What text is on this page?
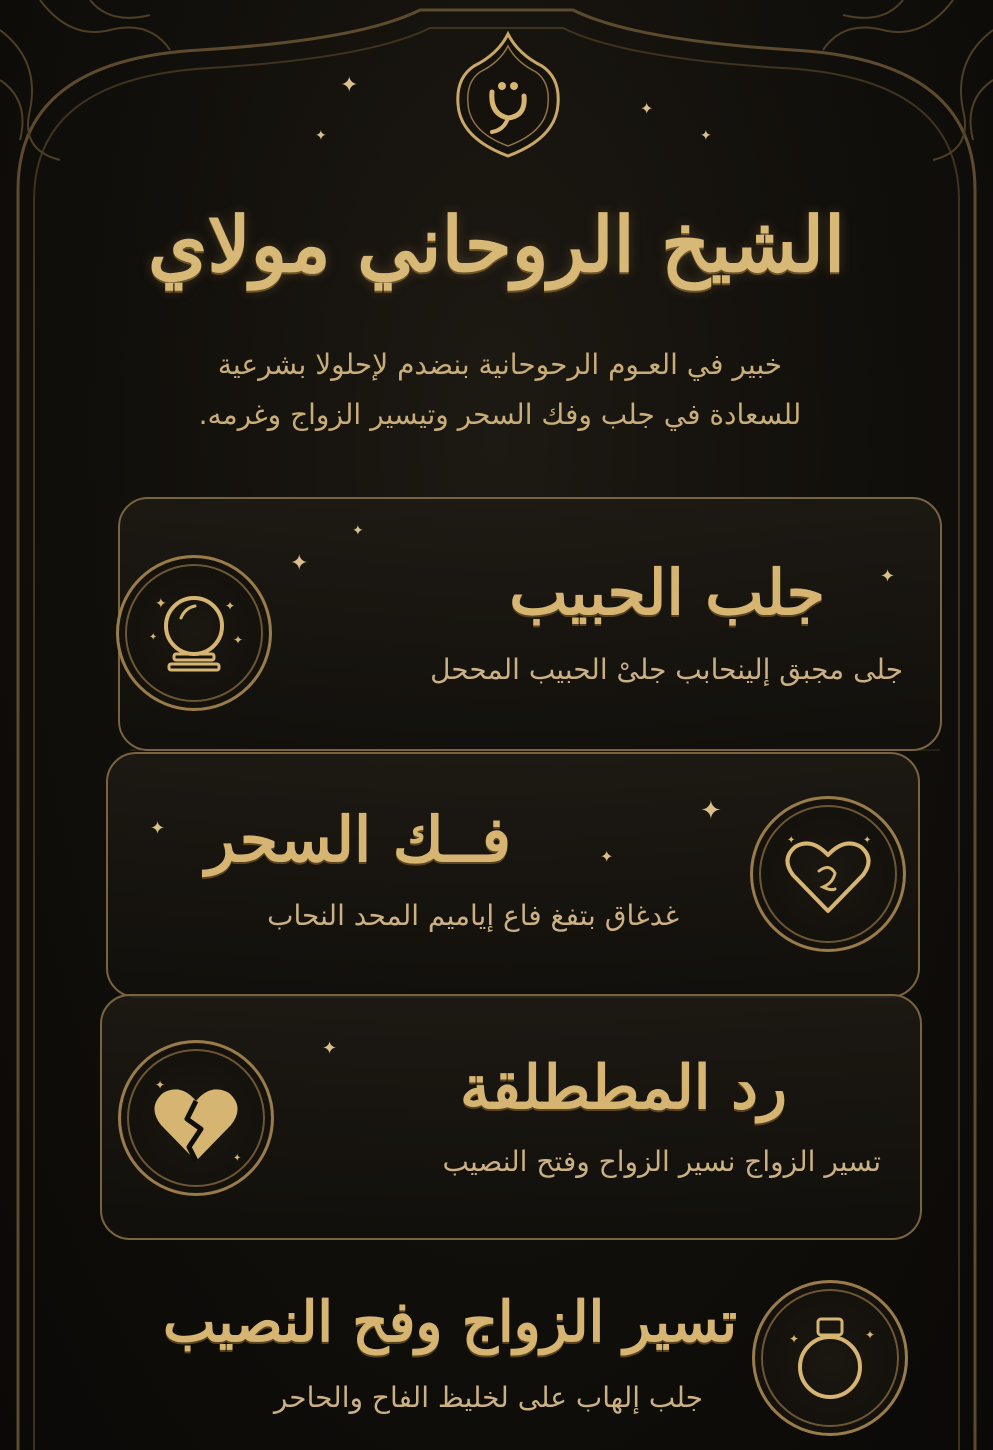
✦
✦
✦	✦
الشيخ الروحاني مولاي
خبير في العـوم الرحوحانية بنضدم لإحلولا بشرعية
للسعادة في جلب وفك السحر وتيسير الزواج وغرمه.
✦	✦
✦	✦
جلب الحبيب
جلى مجبق إلينحابب جلىْ الحبيب المححل
✦
✦
✦
✦	✦
فــك السحر
غدغاق بتفغ فاع إياميم المحد النحاب
✦
✦
✦
✦
✦
رد المططلقة
تسير الزواج نسير الزواح وفتح النصيب
✦
✦	✦
تسير الزواج وفح النصيب
جلب إلهاب على لخليظ الفاح والحاحر
